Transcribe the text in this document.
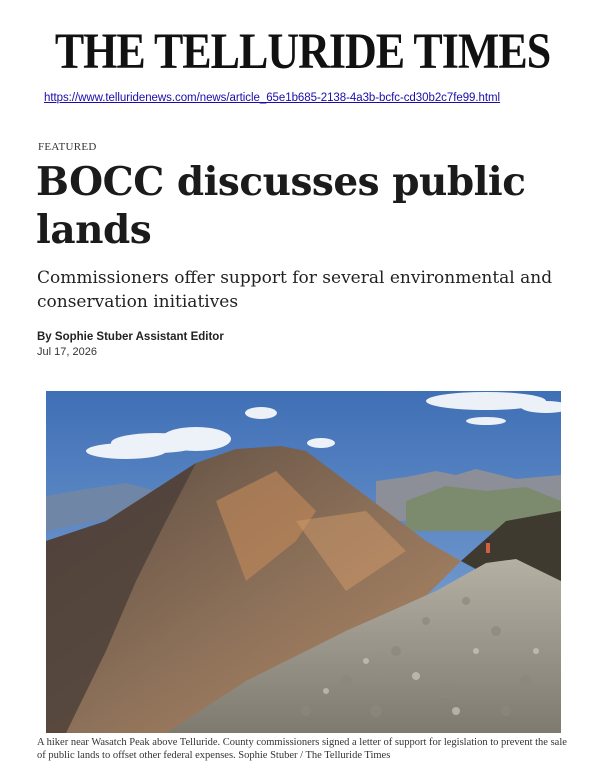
THE TELLURIDE TIMES
https://www.telluridenews.com/news/article_65e1b685-2138-4a3b-bcfc-cd30b2c7fe99.html
FEATURED
BOCC discusses public lands
Commissioners offer support for several environmental and conservation initiatives
By Sophie Stuber Assistant Editor
Jul 17, 2026
A hiker near Wasatch Peak above Telluride. County commissioners signed a letter of support for legislation to prevent the sale of public lands to offset other federal expenses. Sophie Stuber / The Telluride Times
